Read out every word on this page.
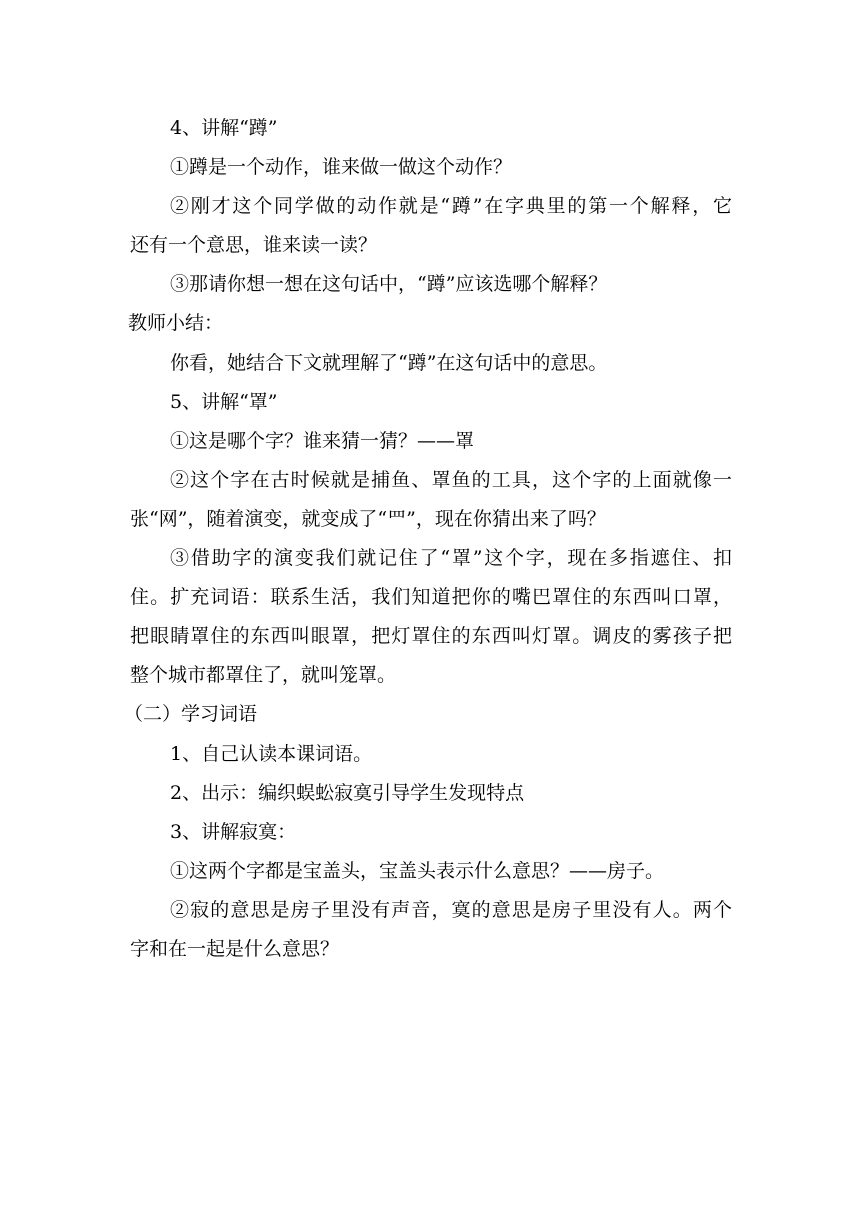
4、讲解“蹲”
①蹲是一个动作，谁来做一做这个动作？
②刚才这个同学做的动作就是“蹲”在字典里的第一个解释，它
还有一个意思，谁来读一读？
③那请你想一想在这句话中，“蹲”应该选哪个解释？
教师小结：
你看，她结合下文就理解了“蹲”在这句话中的意思。
5、讲解“罩”
①这是哪个字？谁来猜一猜？——罩
②这个字在古时候就是捕鱼、罩鱼的工具，这个字的上面就像一
张“网”，随着演变，就变成了“罒”，现在你猜出来了吗？
③借助字的演变我们就记住了“罩”这个字，现在多指遮住、扣
住。扩充词语：联系生活，我们知道把你的嘴巴罩住的东西叫口罩，
把眼睛罩住的东西叫眼罩，把灯罩住的东西叫灯罩。调皮的雾孩子把
整个城市都罩住了，就叫笼罩。
（二）学习词语
1、自己认读本课词语。
2、出示：编织蜈蚣寂寞引导学生发现特点
3、讲解寂寞：
①这两个字都是宝盖头，宝盖头表示什么意思？——房子。
②寂的意思是房子里没有声音，寞的意思是房子里没有人。两个
字和在一起是什么意思？
